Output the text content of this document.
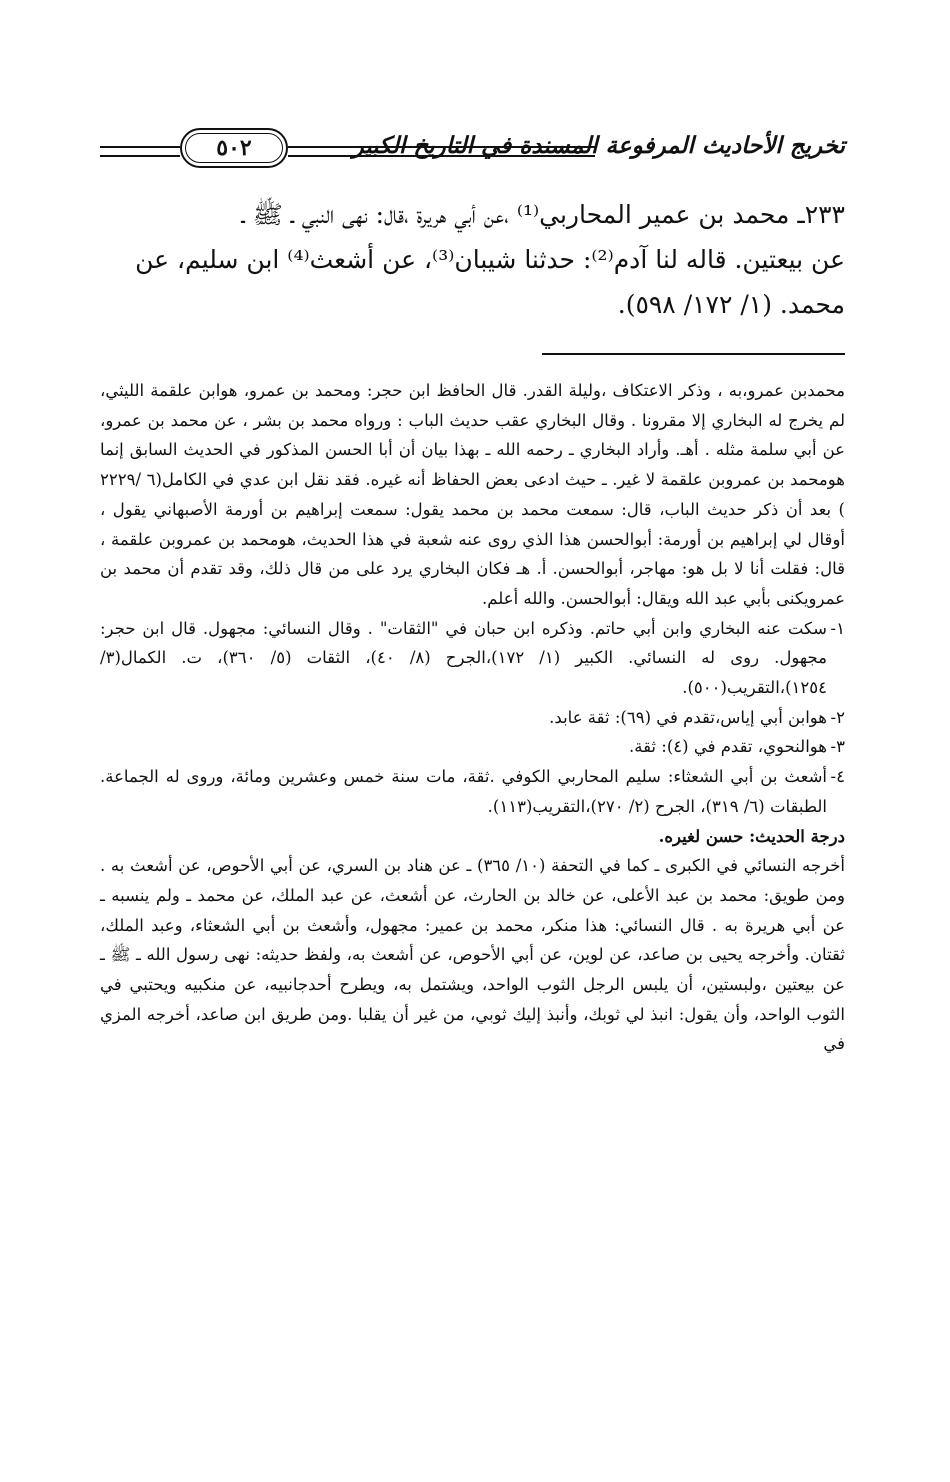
تخريج الأحاديث المرفوعة المسندة في التاريخ الكبير
٥٠٢

٢٣٣ـ محمد بن عمير المحاربي⁽¹⁾ ،عن أبي هريرة ،قال: نهى النبي ـ ﷺ ـ

عن بيعتين. قاله لنا آدم⁽²⁾: حدثنا شيبان⁽³⁾، عن أشعث⁽⁴⁾ ابن سليم، عن

محمد. (١/ ١٧٢/ ٥٩٨).

محمدبن عمرو،به ، وذكر الاعتكاف ،وليلة القدر. قال الحافظ ابن حجر: ومحمد بن عمرو، هوابن علقمة الليثي، لم يخرج له البخاري إلا مقرونا . وقال البخاري عقب حديث الباب : ورواه محمد بن بشر ، عن محمد بن عمرو، عن أبي سلمة مثله . أهـ. وأراد البخاري ـ رحمه الله ـ بهذا بيان أن أبا الحسن المذكور في الحديث السابق إنما هومحمد بن عمروبن علقمة لا غير. ـ حيث ادعى بعض الحفاظ أنه غيره. فقد نقل ابن عدي في الكامل(٦ /٢٢٢٩ ) بعد أن ذكر حديث الباب، قال: سمعت محمد بن محمد يقول: سمعت إبراهيم بن أورمة الأصبهاني يقول ، أوقال لي إبراهيم بن أورمة: أبوالحسن هذا الذي روى عنه شعبة في هذا الحديث، هومحمد بن عمروبن علقمة ، قال: فقلت أنا لا بل هو: مهاجر، أبوالحسن. أ. هـ فكان البخاري يرد على من قال ذلك، وقد تقدم أن محمد بن عمرويكنى بأبي عبد الله ويقال: أبوالحسن. والله أعلم.

١-
سكت عنه البخاري وابن أبي حاتم. وذكره ابن حبان في "الثقات" . وقال النسائي: مجهول. قال ابن حجر: مجهول. روى له النسائي. الكبير (١/ ١٧٢)،الجرح (٨/ ٤٠)، الثقات (٥/ ٣٦٠)، ت. الكمال(٣/ ١٢٥٤)،التقريب(٥٠٠).
٢-
هوابن أبي إياس،تقدم في (٦٩): ثقة عابد.
٣-
هوالنحوي، تقدم في (٤): ثقة.
٤-
أشعث بن أبي الشعثاء: سليم المحاربي الكوفي .ثقة، مات سنة خمس وعشرين ومائة، وروى له الجماعة. الطبقات (٦/ ٣١٩)، الجرح (٢/ ٢٧٠)،التقريب(١١٣).

درجة الحديث: حسن لغيره.

أخرجه النسائي في الكبرى ـ كما في التحفة (١٠/ ٣٦٥) ـ عن هناد بن السري، عن أبي الأحوص، عن أشعث به . ومن طويق: محمد بن عبد الأعلى، عن خالد بن الحارث، عن أشعث، عن عبد الملك، عن محمد ـ ولم ينسبه ـ عن أبي هريرة به . قال النسائي: هذا منكر، محمد بن عمير: مجهول، وأشعث بن أبي الشعثاء، وعبد الملك، ثقتان. وأخرجه يحيى بن صاعد، عن لوين، عن أبي الأحوص، عن أشعث به، ولفظ حديثه: نهى رسول الله ـ ﷺ ـ عن بيعتين ،ولبستين، أن يلبس الرجل الثوب الواحد، ويشتمل به، ويطرح أحدجانبيه، عن منكبيه ويحتبي في الثوب الواحد، وأن يقول: انبذ لي ثوبك، وأنبذ إليك ثوبي، من غير أن يقلبا .ومن طريق ابن صاعد، أخرجه المزي في
